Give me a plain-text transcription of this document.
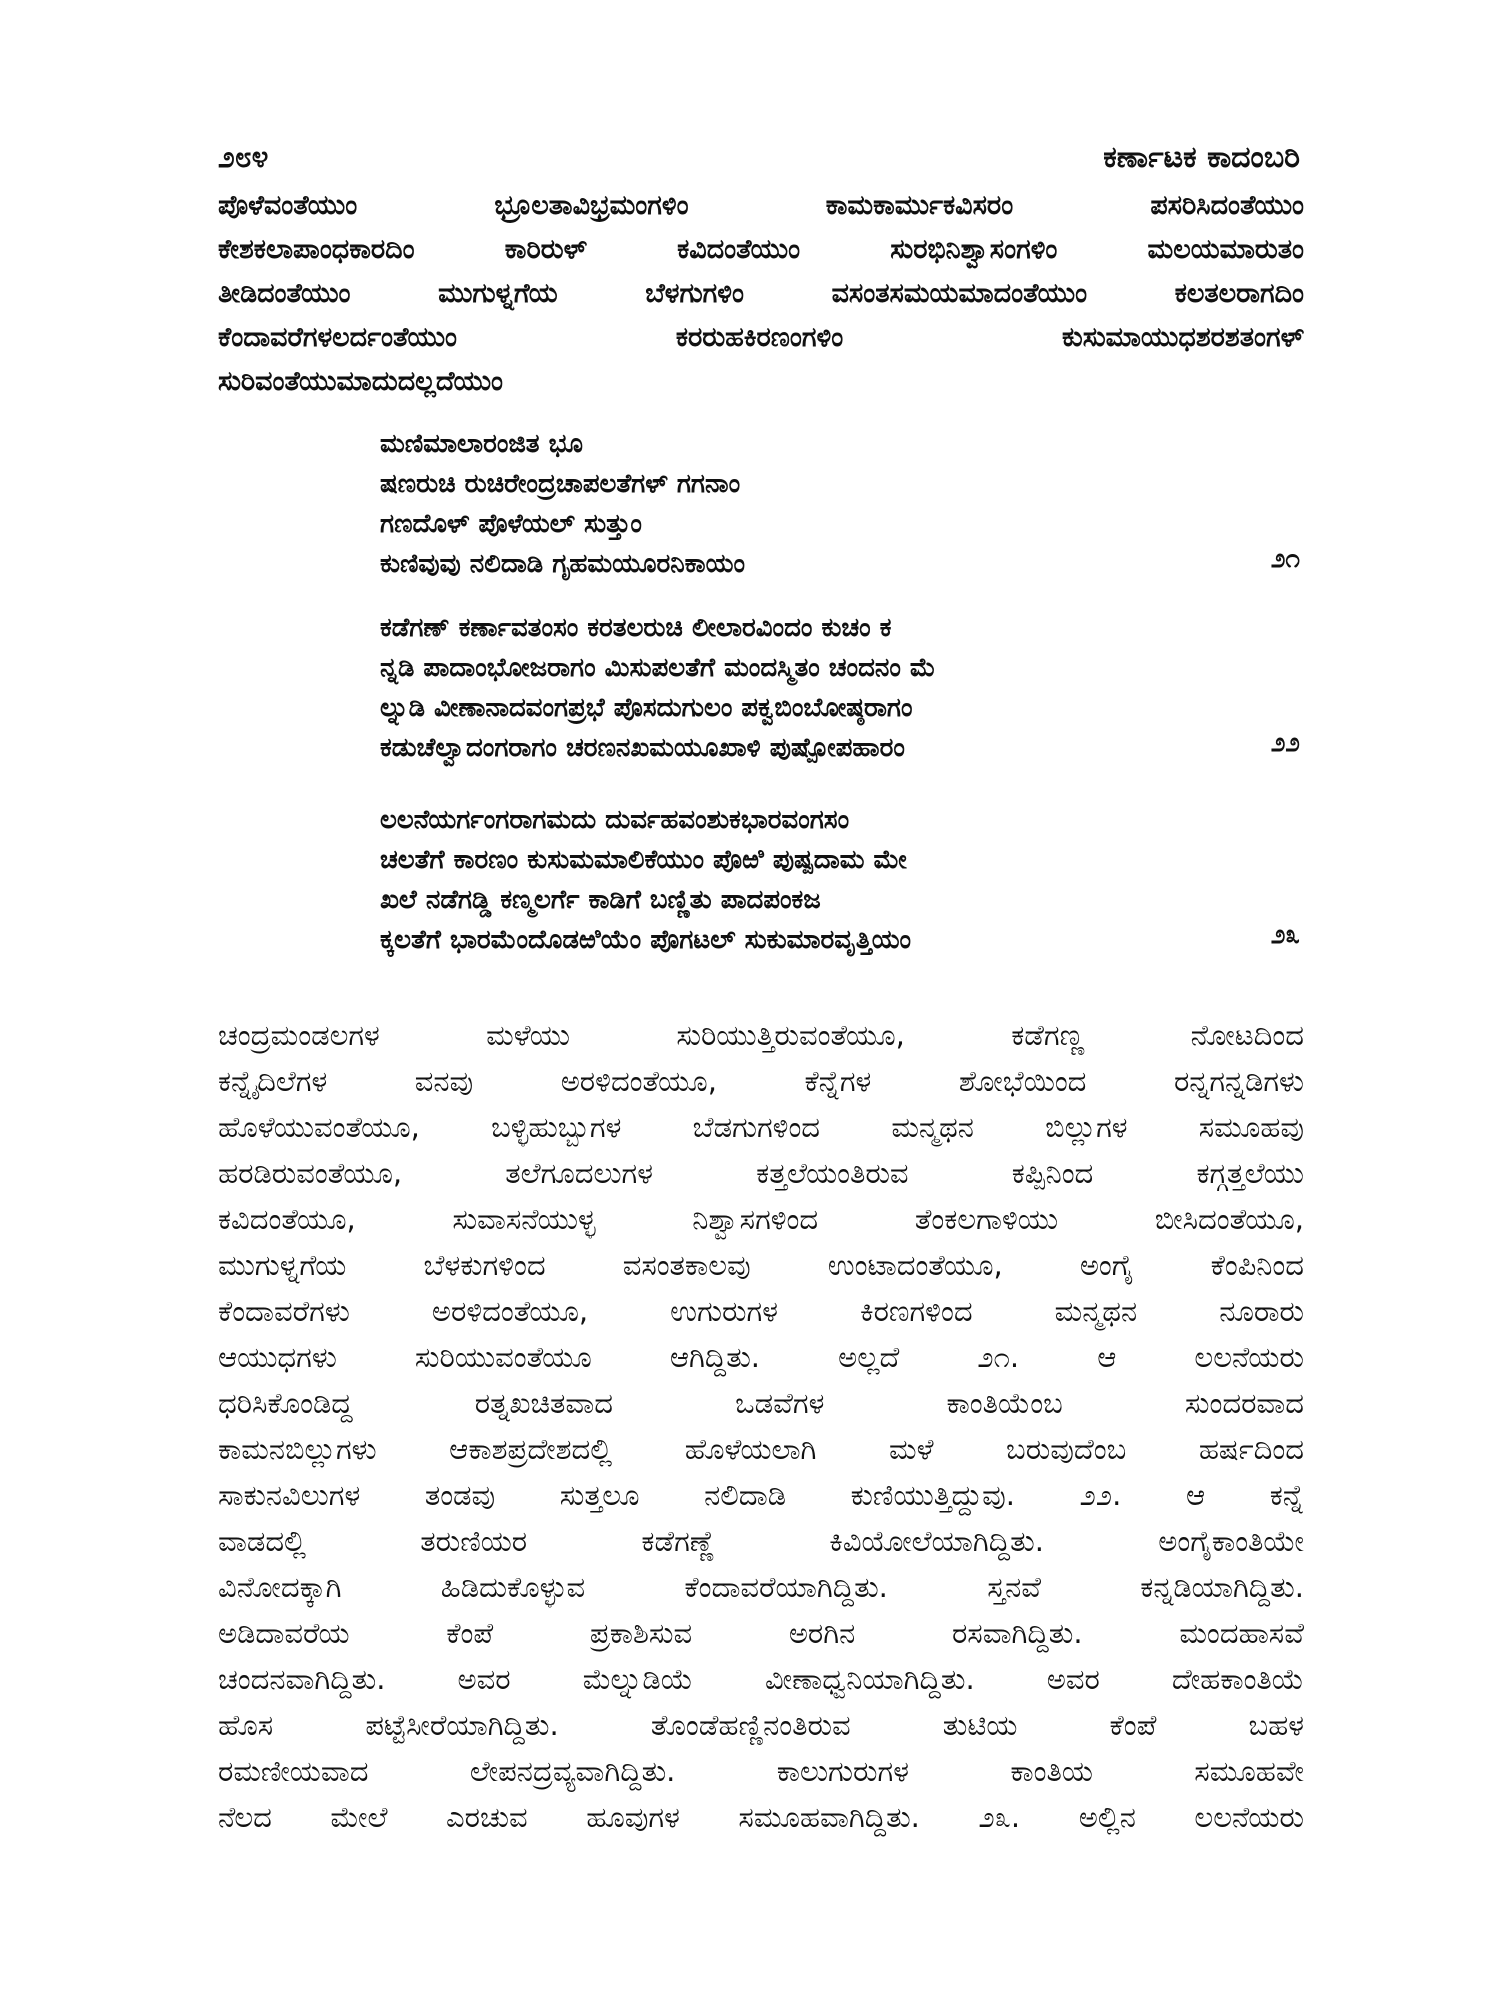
೨೮೪	ಕರ್ಣಾಟಕ ಕಾದಂಬರಿ
ಪೊಳೆವಂತೆಯುಂ ಭ್ರೂಲತಾವಿಭ್ರಮಂಗಳಿಂ ಕಾಮಕಾರ್ಮುಕವಿಸರಂ ಪಸರಿಸಿದಂತೆಯುಂ
ಕೇಶಕಲಾಪಾಂಧಕಾರದಿಂ ಕಾರಿರುಳ್ ಕವಿದಂತೆಯುಂ ಸುರಭಿನಿಶ್ವಾಸಂಗಳಿಂ ಮಲಯಮಾರುತಂ
ತೀಡಿದಂತೆಯುಂ ಮುಗುಳ್ನಗೆಯ ಬೆಳಗುಗಳಿಂ ವಸಂತಸಮಯಮಾದಂತೆಯುಂ ಕಲತಲರಾಗದಿಂ
ಕೆಂದಾವರೆಗಳಲರ್ದಂತೆಯುಂ ಕರರುಹಕಿರಣಂಗಳಿಂ ಕುಸುಮಾಯುಧಶರಶತಂಗಳ್
ಸುರಿವಂತೆಯುಮಾದುದಲ್ಲದೆಯುಂ
ಮಣಿಮಾಲಾರಂಜಿತ ಭೂ
ಷಣರುಚಿ ರುಚಿರೇಂದ್ರಚಾಪಲತೆಗಳ್ ಗಗನಾಂ
ಗಣದೊಳ್ ಪೊಳೆಯಲ್ ಸುತ್ತುಂ
ಕುಣಿವುವು ನಲಿದಾಡಿ ಗೃಹಮಯೂರನಿಕಾಯಂ	೨೧
ಕಡೆಗಣ್ ಕರ್ಣಾವತಂಸಂ ಕರತಲರುಚಿ ಲೀಲಾರವಿಂದಂ ಕುಚಂ ಕ
ನ್ನಡಿ ಪಾದಾಂಭೋಜರಾಗಂ ಮಿಸುಪಲತೆಗೆ ಮಂದಸ್ಮಿತಂ ಚಂದನಂ ಮೆ
ಲ್ನುಡಿ ವೀಣಾನಾದವಂಗಪ್ರಭೆ ಪೊಸದುಗುಲಂ ಪಕ್ವಬಿಂಬೋಷ್ಠರಾಗಂ
ಕಡುಚೆಲ್ವಾದಂಗರಾಗಂ ಚರಣನಖಮಯೂಖಾಳಿ ಪುಷ್ಪೋಪಹಾರಂ	೨೨
ಲಲನೆಯರ್ಗಂಗರಾಗಮದು ದುರ್ವಹವಂಶುಕಭಾರವಂಗಸಂ
ಚಲತೆಗೆ ಕಾರಣಂ ಕುಸುಮಮಾಲಿಕೆಯುಂ ಪೊಱಿ ಪುಷ್ಪದಾಮ ಮೇ
ಖಲೆ ನಡೆಗಡ್ಡಿ ಕಣ್ಮಲರ್ಗೆ ಕಾಡಿಗೆ ಬಣ್ಣಿತು ಪಾದಪಂಕಜ
ಕ್ಕಲತೆಗೆ ಭಾರಮೆಂದೊಡಱಿಯೆಂ ಪೊಗಟಲ್ ಸುಕುಮಾರವೃತ್ತಿಯಂ	೨೩
ಚಂದ್ರಮಂಡಲಗಳ ಮಳೆಯು ಸುರಿಯುತ್ತಿರುವಂತೆಯೂ, ಕಡೆಗಣ್ಣ ನೋಟದಿಂದ
ಕನ್ನೈದಿಲೆಗಳ ವನವು ಅರಳಿದಂತೆಯೂ, ಕೆನ್ನೆಗಳ ಶೋಭೆಯಿಂದ ರನ್ನಗನ್ನಡಿಗಳು
ಹೊಳೆಯುವಂತೆಯೂ, ಬಳ್ಳಿಹುಬ್ಬುಗಳ ಬೆಡಗುಗಳಿಂದ ಮನ್ಮಥನ ಬಿಲ್ಲುಗಳ ಸಮೂಹವು
ಹರಡಿರುವಂತೆಯೂ, ತಲೆಗೂದಲುಗಳ ಕತ್ತಲೆಯಂತಿರುವ ಕಪ್ಪಿನಿಂದ ಕಗ್ಗತ್ತಲೆಯು
ಕವಿದಂತೆಯೂ, ಸುವಾಸನೆಯುಳ್ಳ ನಿಶ್ವಾಸಗಳಿಂದ ತೆಂಕಲಗಾಳಿಯು ಬೀಸಿದಂತೆಯೂ,
ಮುಗುಳ್ನಗೆಯ ಬೆಳಕುಗಳಿಂದ ವಸಂತಕಾಲವು ಉಂಟಾದಂತೆಯೂ, ಅಂಗೈ ಕೆಂಪಿನಿಂದ
ಕೆಂದಾವರೆಗಳು ಅರಳಿದಂತೆಯೂ, ಉಗುರುಗಳ ಕಿರಣಗಳಿಂದ ಮನ್ಮಥನ ನೂರಾರು
ಆಯುಧಗಳು ಸುರಿಯುವಂತೆಯೂ ಆಗಿದ್ದಿತು. ಅಲ್ಲದೆ ೨೧. ಆ ಲಲನೆಯರು
ಧರಿಸಿಕೊಂಡಿದ್ದ ರತ್ನಖಚಿತವಾದ ಒಡವೆಗಳ ಕಾಂತಿಯೆಂಬ ಸುಂದರವಾದ
ಕಾಮನಬಿಲ್ಲುಗಳು ಆಕಾಶಪ್ರದೇಶದಲ್ಲಿ ಹೊಳೆಯಲಾಗಿ ಮಳೆ ಬರುವುದೆಂಬ ಹರ್ಷದಿಂದ
ಸಾಕುನವಿಲುಗಳ ತಂಡವು ಸುತ್ತಲೂ ನಲಿದಾಡಿ ಕುಣಿಯುತ್ತಿದ್ದುವು. ೨೨. ಆ ಕನ್ನೆ
ವಾಡದಲ್ಲಿ ತರುಣಿಯರ ಕಡೆಗಣ್ಣೆ ಕಿವಿಯೋಲೆಯಾಗಿದ್ದಿತು. ಅಂಗೈಕಾಂತಿಯೇ
ವಿನೋದಕ್ಕಾಗಿ ಹಿಡಿದುಕೊಳ್ಳುವ ಕೆಂದಾವರೆಯಾಗಿದ್ದಿತು. ಸ್ತನವೆ ಕನ್ನಡಿಯಾಗಿದ್ದಿತು.
ಅಡಿದಾವರೆಯ ಕೆಂಪೆ ಪ್ರಕಾಶಿಸುವ ಅರಗಿನ ರಸವಾಗಿದ್ದಿತು. ಮಂದಹಾಸವೆ
ಚಂದನವಾಗಿದ್ದಿತು. ಅವರ ಮೆಲ್ನುಡಿಯೆ ವೀಣಾಧ್ವನಿಯಾಗಿದ್ದಿತು. ಅವರ ದೇಹಕಾಂತಿಯೆ
ಹೊಸ ಪಟ್ಟೆಸೀರೆಯಾಗಿದ್ದಿತು. ತೊಂಡೆಹಣ್ಣಿನಂತಿರುವ ತುಟಿಯ ಕೆಂಪೆ ಬಹಳ
ರಮಣೀಯವಾದ ಲೇಪನದ್ರವ್ಯವಾಗಿದ್ದಿತು. ಕಾಲುಗುರುಗಳ ಕಾಂತಿಯ ಸಮೂಹವೇ
ನೆಲದ ಮೇಲೆ ಎರಚುವ ಹೂವುಗಳ ಸಮೂಹವಾಗಿದ್ದಿತು. ೨೩. ಅಲ್ಲಿನ ಲಲನೆಯರು
